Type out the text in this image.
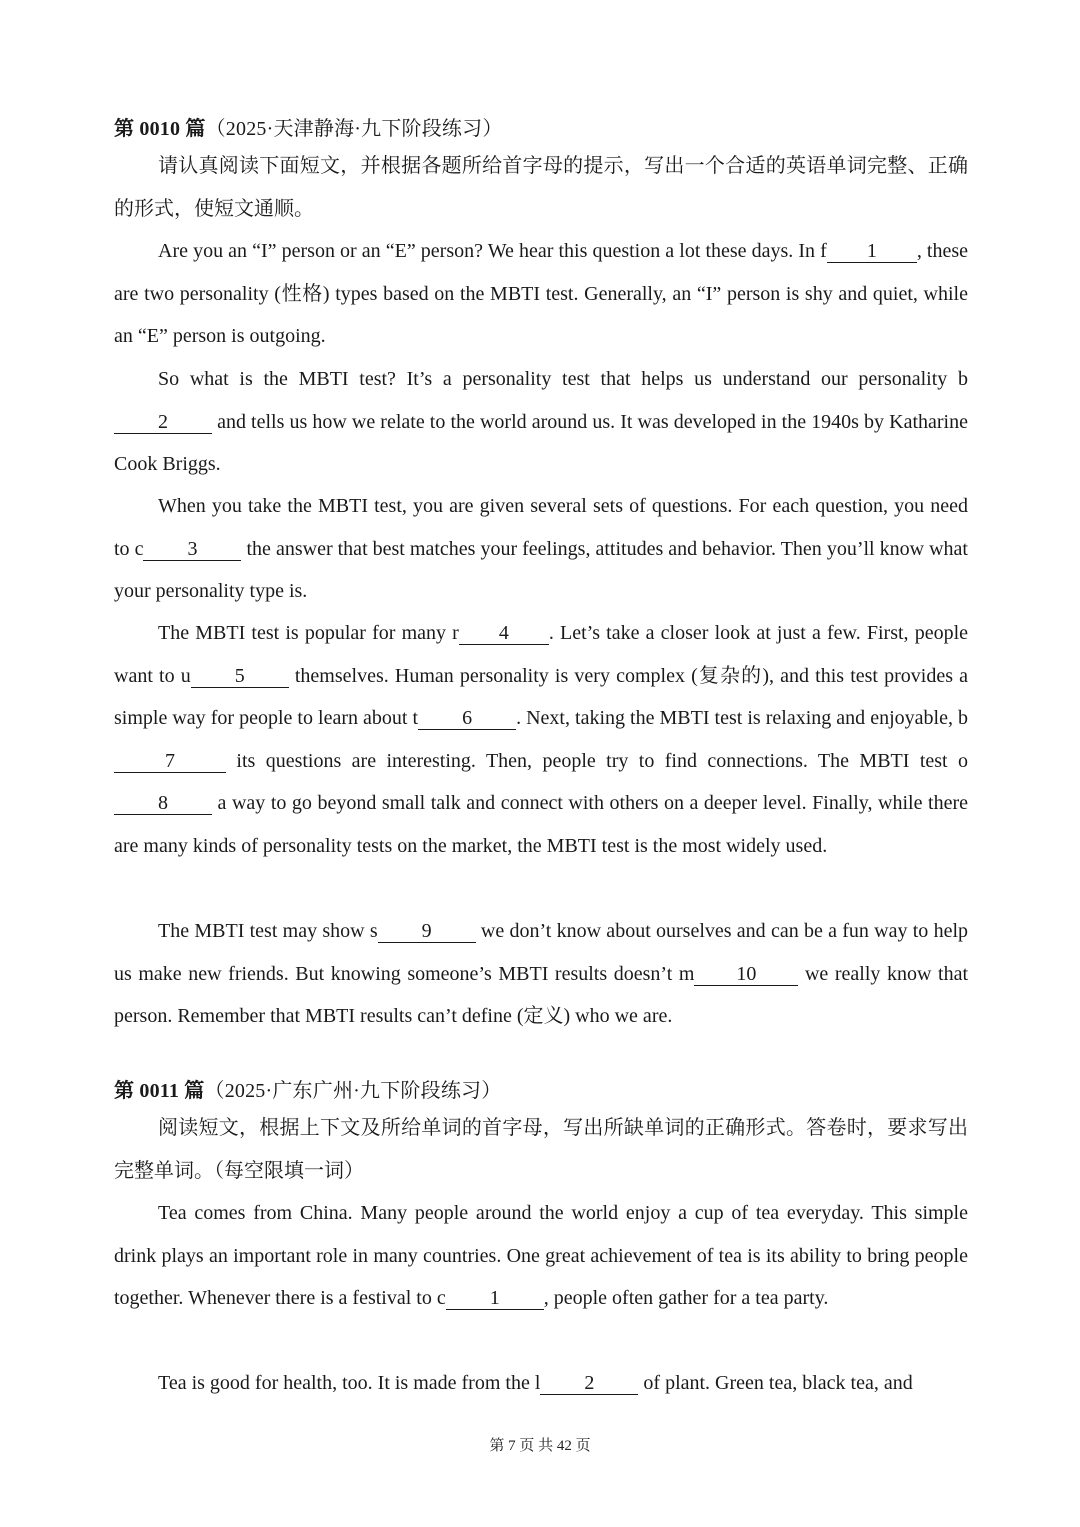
第 0010 篇（2025·天津静海·九下阶段练习）

请认真阅读下面短文，并根据各题所给首字母的提示，写出一个合适的英语单词完整、正确的形式，使短文通顺。

Are you an “I” person or an “E” person? We hear this question a lot these days. In f 1 , these are two personality (性格) types based on the MBTI test. Generally, an “I” person is shy and quiet, while an “E” person is outgoing.

So what is the MBTI test? It’s a personality test that helps us understand our personality b2 and tells us how we relate to the world around us. It was developed in the 1940s by Katharine Cook Briggs.

When you take the MBTI test, you are given several sets of questions. For each question, you need to c 3 the answer that best matches your feelings, attitudes and behavior. Then you’ll know what your personality type is.

The MBTI test is popular for many r 4 . Let’s take a closer look at just a few. First, people want to u 5 themselves. Human personality is very complex (复杂的), and this test provides a simple way for people to learn about t 6 . Next, taking the MBTI test is relaxing and enjoyable, b7	its questions are interesting. Then, people try to find connections. The MBTI test o8 a way to go beyond small talk and connect with others on a deeper level. Finally, while there are many kinds of personality tests on the market, the MBTI test is the most widely used.

The MBTI test may show s 9 we don’t know about ourselves and can be a fun way to help us make new friends. But knowing someone’s MBTI results doesn’t m 10 we really know that person. Remember that MBTI results can’t define (定义) who we are.

第 0011 篇（2025·广东广州·九下阶段练习）

阅读短文，根据上下文及所给单词的首字母，写出所缺单词的正确形式。答卷时，要求写出完整单词。（每空限填一词）

Tea comes from China. Many people around the world enjoy a cup of tea everyday. This simple drink plays an important role in many countries. One great achievement of tea is its ability to bring people together. Whenever there is a festival to c 1 , people often gather for a tea party.

Tea is good for health, too. It is made from the l 2 of plant. Green tea, black tea, and

第 7 页 共 42 页
